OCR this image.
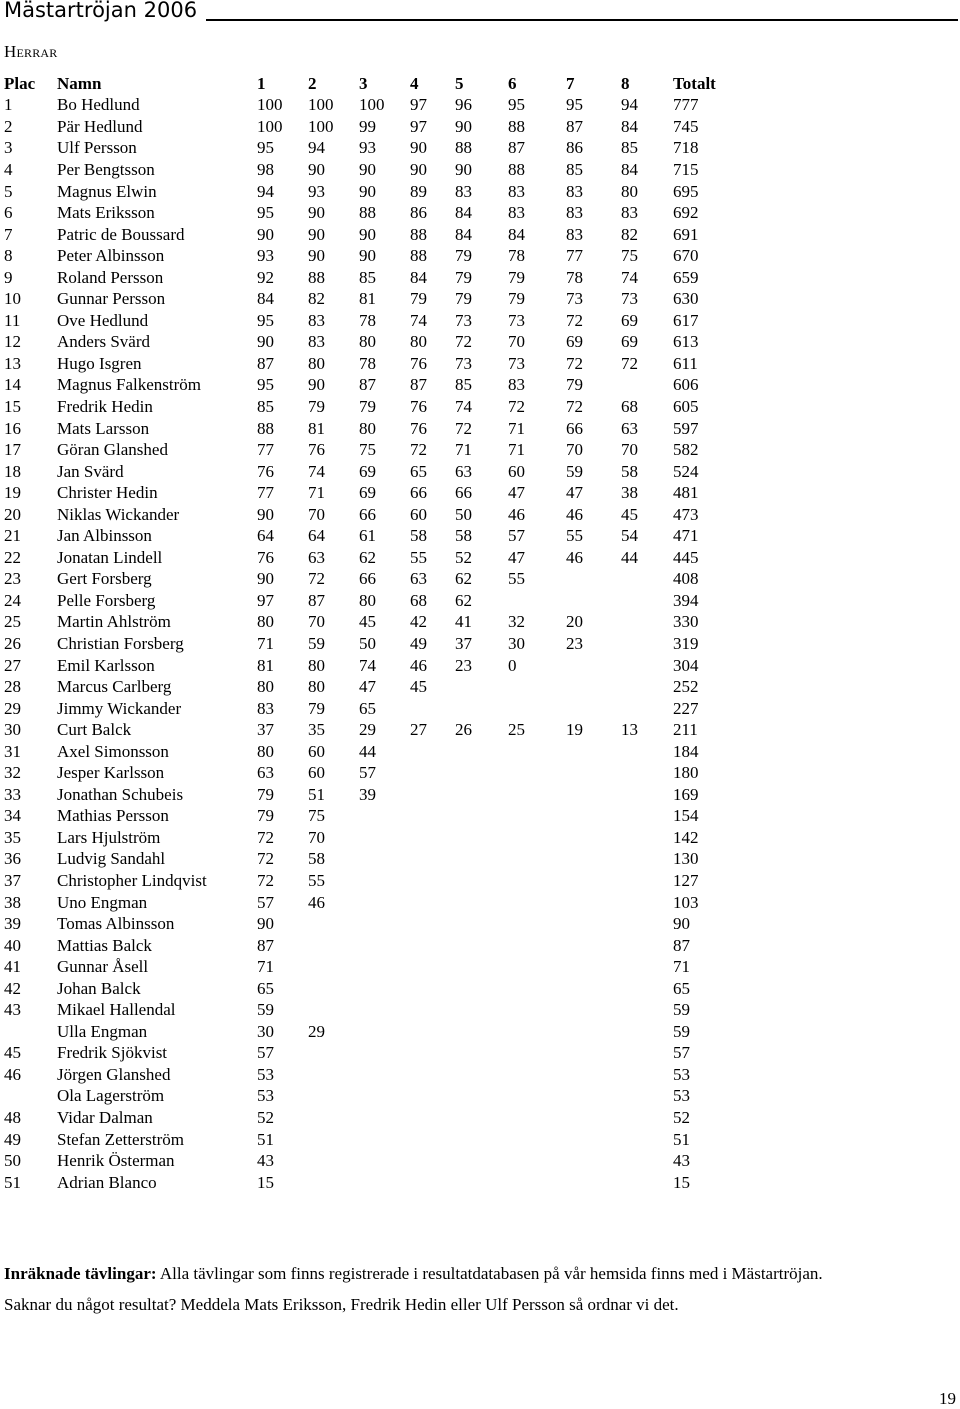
Mästartröjan 2006
Herrar
Plac	Namn	1	2	3	4	5	6	7	8	Totalt
1	Bo Hedlund	100	100	100	97	96	95	95	94	777
2	Pär Hedlund	100	100	99	97	90	88	87	84	745
3	Ulf Persson	95	94	93	90	88	87	86	85	718
4	Per Bengtsson	98	90	90	90	90	88	85	84	715
5	Magnus Elwin	94	93	90	89	83	83	83	80	695
6	Mats Eriksson	95	90	88	86	84	83	83	83	692
7	Patric de Boussard	90	90	90	88	84	84	83	82	691
8	Peter Albinsson	93	90	90	88	79	78	77	75	670
9	Roland Persson	92	88	85	84	79	79	78	74	659
10	Gunnar Persson	84	82	81	79	79	79	73	73	630
11	Ove Hedlund	95	83	78	74	73	73	72	69	617
12	Anders Svärd	90	83	80	80	72	70	69	69	613
13	Hugo Isgren	87	80	78	76	73	73	72	72	611
14	Magnus Falkenström	95	90	87	87	85	83	79		606
15	Fredrik Hedin	85	79	79	76	74	72	72	68	605
16	Mats Larsson	88	81	80	76	72	71	66	63	597
17	Göran Glanshed	77	76	75	72	71	71	70	70	582
18	Jan Svärd	76	74	69	65	63	60	59	58	524
19	Christer Hedin	77	71	69	66	66	47	47	38	481
20	Niklas Wickander	90	70	66	60	50	46	46	45	473
21	Jan Albinsson	64	64	61	58	58	57	55	54	471
22	Jonatan Lindell	76	63	62	55	52	47	46	44	445
23	Gert Forsberg	90	72	66	63	62	55			408
24	Pelle Forsberg	97	87	80	68	62				394
25	Martin Ahlström	80	70	45	42	41	32	20		330
26	Christian Forsberg	71	59	50	49	37	30	23		319
27	Emil Karlsson	81	80	74	46	23	0			304
28	Marcus Carlberg	80	80	47	45					252
29	Jimmy Wickander	83	79	65						227
30	Curt Balck	37	35	29	27	26	25	19	13	211
31	Axel Simonsson	80	60	44						184
32	Jesper Karlsson	63	60	57						180
33	Jonathan Schubeis	79	51	39						169
34	Mathias Persson	79	75							154
35	Lars Hjulström	72	70							142
36	Ludvig Sandahl	72	58							130
37	Christopher Lindqvist	72	55							127
38	Uno Engman	57	46							103
39	Tomas Albinsson	90								90
40	Mattias Balck	87								87
41	Gunnar Åsell	71								71
42	Johan Balck	65								65
43	Mikael Hallendal	59								59
	Ulla Engman	30	29							59
45	Fredrik Sjökvist	57								57
46	Jörgen Glanshed	53								53
	Ola Lagerström	53								53
48	Vidar Dalman	52								52
49	Stefan Zetterström	51								51
50	Henrik Österman	43								43
51	Adrian Blanco	15								15
Inräknade tävlingar: Alla tävlingar som finns registrerade i resultatdatabasen på vår hemsida finns med i Mästartröjan.
Saknar du något resultat? Meddela Mats Eriksson, Fredrik Hedin eller Ulf Persson så ordnar vi det.
19
